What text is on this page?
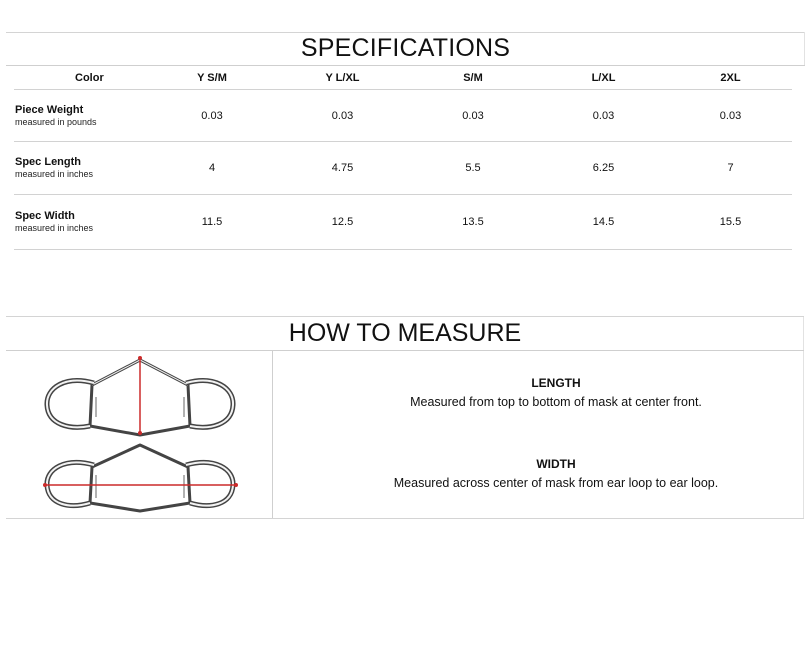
SPECIFICATIONS
Color	Y S/M	Y L/XL	S/M	L/XL	2XL

Piece Weight
measured in pounds	0.03	0.03	0.03	0.03	0.03

Spec Length
measured in inches	4	4.75	5.5	6.25	7

Spec Width
measured in inches	11.5	12.5	13.5	14.5	15.5
HOW TO MEASURE
LENGTH
Measured from top to bottom of mask at center front.
WIDTH
Measured across center of mask from ear loop to ear loop.
